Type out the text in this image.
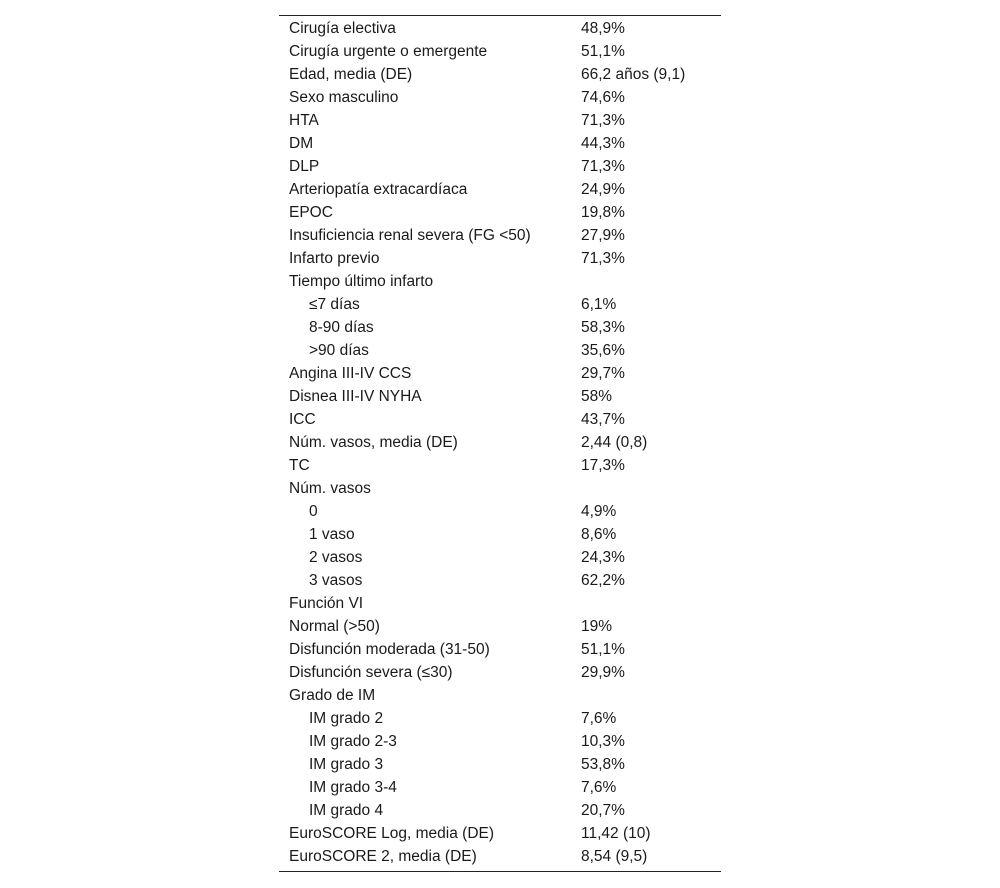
Cirugía electiva	48,9%
Cirugía urgente o emergente	51,1%
Edad, media (DE)	66,2 años (9,1)
Sexo masculino	74,6%
HTA	71,3%
DM	44,3%
DLP	71,3%
Arteriopatía extracardíaca	24,9%
EPOC	19,8%
Insuficiencia renal severa (FG <50)	27,9%
Infarto previo	71,3%
Tiempo último infarto	
≤7 días	6,1%
8-90 días	58,3%
>90 días	35,6%
Angina III-IV CCS	29,7%
Disnea III-IV NYHA	58%
ICC	43,7%
Núm. vasos, media (DE)	2,44 (0,8)
TC	17,3%
Núm. vasos	
0	4,9%
1 vaso	8,6%
2 vasos	24,3%
3 vasos	62,2%
Función VI	
Normal (>50)	19%
Disfunción moderada (31-50)	51,1%
Disfunción severa (≤30)	29,9%
Grado de IM	
IM grado 2	7,6%
IM grado 2-3	10,3%
IM grado 3	53,8%
IM grado 3-4	7,6%
IM grado 4	20,7%
EuroSCORE Log, media (DE)	11,42 (10)
EuroSCORE 2, media (DE)	8,54 (9,5)
